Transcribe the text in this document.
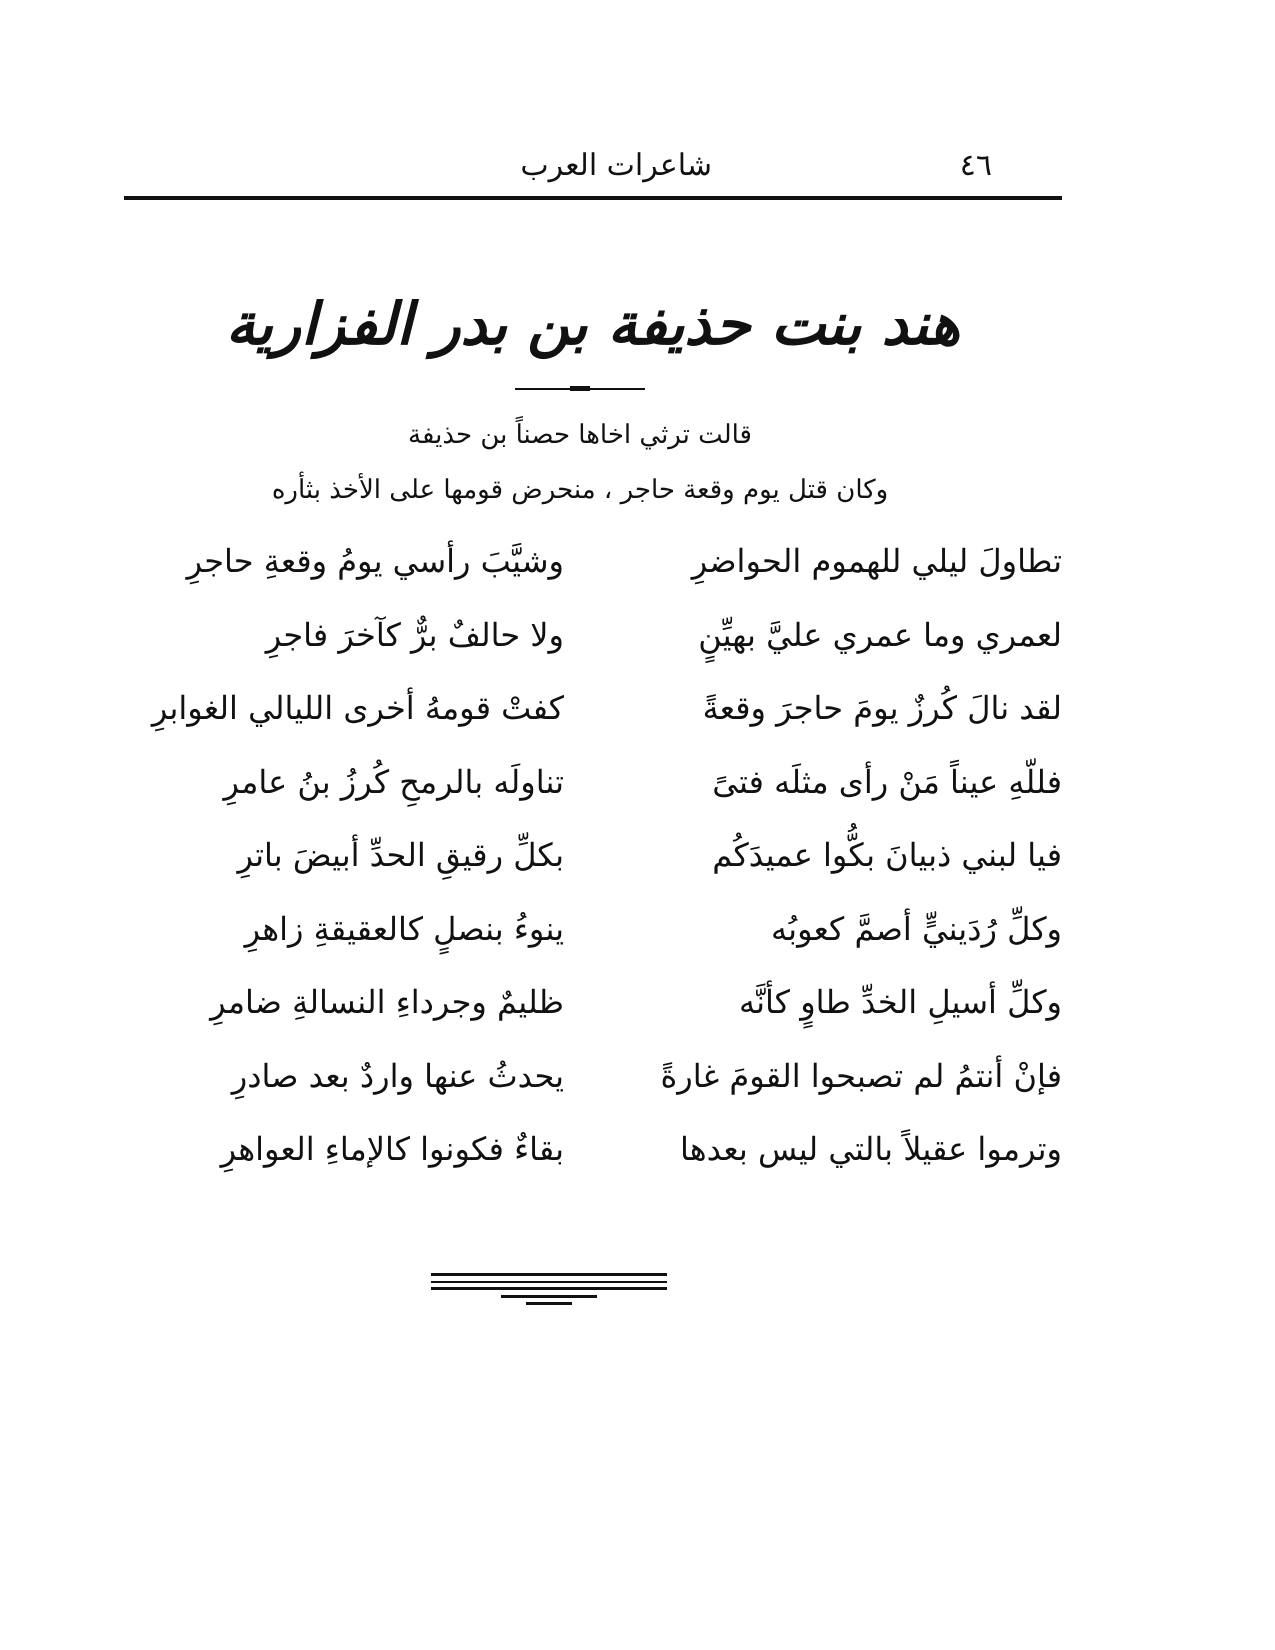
٤٦
شاعرات العرب
هند بنت حذيفة بن بدر الفزارية
قالت ترثي اخاها حصناً بن حذيفة
وكان قتل يوم وقعة حاجر ، منحرض قومها على الأخذ بثأره
تطاولَ ليلي للهموم الحواضرِ
وشيَّبَ رأسي يومُ وقعةِ حاجرِ
لعمري وما عمري عليَّ بهيِّنٍ
ولا حالفٌ برٌّ كآخرَ فاجرِ
لقد نالَ كُرزٌ يومَ حاجرَ وقعةً
كفتْ قومهُ أخرى الليالي الغوابرِ
فللّهِ عيناً مَنْ رأى مثلَه فتىً
تناولَه بالرمحِ كُرزُ بنُ عامرِ
فيا لبني ذبيانَ بكُّوا عميدَكُم
بكلِّ رقيقِ الحدِّ أبيضَ باترِ
وكلِّ رُدَينيٍّ أصمَّ كعوبُه
ينوءُ بنصلٍ كالعقيقةِ زاهرِ
وكلِّ أسيلِ الخدِّ طاوٍ كأنَّه
ظليمٌ وجرداءِ النسالةِ ضامرِ
فإنْ أنتمُ لم تصبحوا القومَ غارةً
يحدثُ عنها واردٌ بعد صادرِ
وترموا عقيلاً بالتي ليس بعدها
بقاءٌ فكونوا كالإماءِ العواهرِ
